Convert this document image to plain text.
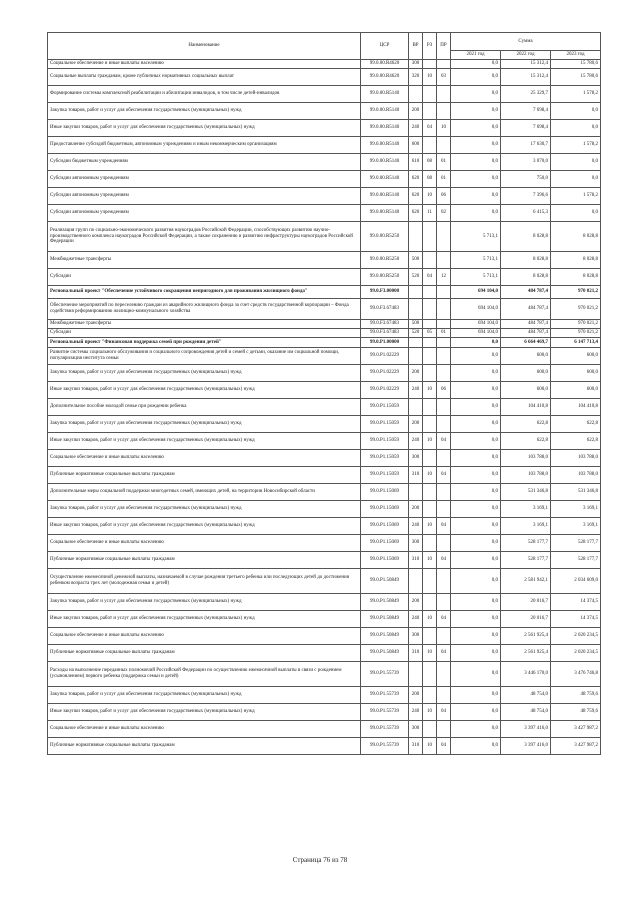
Наименование	ЦСР	ВР	РЗ	ПР	Сумма		
					2021 год	2022 год	2023 год
Социальное обеспечение и иные выплаты населению	99.0.00.R4620	300			0,0	15 312,4	15 780,6
Социальные выплаты гражданам, кроме публичных нормативных социальных выплат	99.0.00.R4620	320	10	03	0,0	15 312,4	15 780,6
Формирование системы комплексной реабилитации и абилитации инвалидов, в том числе детей-инвалидов	99.0.00.R5140				0,0	25 329,7	1 578,2
Закупка товаров, работ и услуг для обеспечения государственных (муниципальных) нужд	99.0.00.R5140	200			0,0	7 698,4	0,0
Иные закупки товаров, работ и услуг для обеспечения государственных (муниципальных) нужд	99.0.00.R5140	240	04	10	0,0	7 698,4	0,0
Предоставление субсидий бюджетным, автономным учреждениям и иным некоммерческим организациям	99.0.00.R5140	600			0,0	17 630,7	1 578,2
Субсидии бюджетным учреждениям	99.0.00.R5140	610	08	01	0,0	3 070,0	0,0
Субсидии автономным учреждениям	99.0.00.R5140	620	08	01	0,0	750,0	0,0
Субсидии автономным учреждениям	99.0.00.R5140	620	10	06	0,0	7 396,6	1 578,2
Субсидии автономным учреждениям	99.0.00.R5140	620	11	02	0,0	6 415,3	0,0
Реализация групп по социально-экономического развития наукоградов Российской Федерации, способствующих развитию научно-производственного комплекса наукоградов Российской Федерации, а также сохранению и развитию инфраструктуры наукоградов Российской Федерации	99.0.00.R5250				5 713,1	8 028,8	8 028,8
Межбюджетные трансферты	99.0.00.R5250	500			5 713,1	8 028,8	8 028,8
Субсидии	99.0.00.R5250	520	04	12	5 713,1	8 028,8	8 028,8
Региональный проект "Обеспечение устойчивого сокращения непригодного для проживания жилищного фонда"	99.0.F3.00000				694 104,0	484 787,4	970 021,2
Обеспечение мероприятий по переселению граждан из аварийного жилищного фонда за счет средств государственной корпорации – Фонда содействия реформированию жилищно-коммунального хозяйства	99.0.F3.67483				694 104,0	484 787,4	970 021,2
Межбюджетные трансферты	99.0.F3.67483	500			694 104,0	484 787,4	970 021,2
Субсидии	99.0.F3.67483	520	05	01	694 104,0	484 787,4	970 021,2
Региональный проект "Финансовая поддержка семей при рождении детей"	99.0.P1.00000				0,0	6 664 469,7	6 147 713,4
Развитие системы социального обслуживания и социального сопровождения детей и семей с детьми, оказание им социальной помощи, популяризация института семьи	99.0.P1.02229				0,0	600,0	600,0
Закупка товаров, работ и услуг для обеспечения государственных (муниципальных) нужд	99.0.P1.02229	200			0,0	600,0	600,0
Иные закупки товаров, работ и услуг для обеспечения государственных (муниципальных) нужд	99.0.P1.02229	240	10	06	0,0	600,0	600,0
Дополнительное пособие молодой семье при рождении ребенка	99.0.P1.15059				0,0	104 410,8	104 410,8
Закупка товаров, работ и услуг для обеспечения государственных (муниципальных) нужд	99.0.P1.15059	200			0,0	622,8	622,8
Иные закупки товаров, работ и услуг для обеспечения государственных (муниципальных) нужд	99.0.P1.15059	240	10	04	0,0	622,8	622,8
Социальное обеспечение и иные выплаты населению	99.0.P1.15059	300			0,0	103 788,0	103 788,0
Публичные нормативные социальные выплаты гражданам	99.0.P1.15059	310	10	04	0,0	103 788,0	103 788,0
Дополнительные меры социальной поддержки многодетных семей, имеющих детей, на территории Новосибирской области	99.0.P1.15069				0,0	531 346,8	531 346,8
Закупка товаров, работ и услуг для обеспечения государственных (муниципальных) нужд	99.0.P1.15069	200			0,0	3 169,1	3 169,1
Иные закупки товаров, работ и услуг для обеспечения государственных (муниципальных) нужд	99.0.P1.15069	240	10	04	0,0	3 169,1	3 169,1
Социальное обеспечение и иные выплаты населению	99.0.P1.15069	300			0,0	528 177,7	528 177,7
Публичные нормативные социальные выплаты гражданам	99.0.P1.15069	310	10	04	0,0	528 177,7	528 177,7
Осуществление ежемесячной денежной выплаты, назначаемой в случае рождения третьего ребенка или последующих детей до достижения ребенком возраста трех лет (молодежная семья и детей)	99.0.P1.50849				0,0	2 581 942,1	2 034 609,0
Закупка товаров, работ и услуг для обеспечения государственных (муниципальных) нужд	99.0.P1.50849	200			0,0	20 016,7	14 374,5
Иные закупки товаров, работ и услуг для обеспечения государственных (муниципальных) нужд	99.0.P1.50849	240	10	04	0,0	20 016,7	14 374,5
Социальное обеспечение и иные выплаты населению	99.0.P1.50849	300			0,0	2 561 925,4	2 020 234,5
Публичные нормативные социальные выплаты гражданам	99.0.P1.50849	310	10	04	0,0	2 561 925,4	2 020 234,5
Расходы на выполнение переданных полномочий Российской Федерации по осуществлению ежемесячной выплаты в связи с рождением (усыновлением) первого ребенка (поддержка семьи и детей)	99.0.P1.55739				0,0	3 446 170,0	3 476 746,8
Закупка товаров, работ и услуг для обеспечения государственных (муниципальных) нужд	99.0.P1.55739	200			0,0	48 754,0	48 759,6
Иные закупки товаров, работ и услуг для обеспечения государственных (муниципальных) нужд	99.0.P1.55739	240	10	04	0,0	48 754,0	48 759,6
Социальное обеспечение и иные выплаты населению	99.0.P1.55739	300			0,0	3 397 416,0	3 427 987,2
Публичные нормативные социальные выплаты гражданам	99.0.P1.55739	310	10	04	0,0	3 397 416,0	3 427 987,2
Страница 76 из 78
